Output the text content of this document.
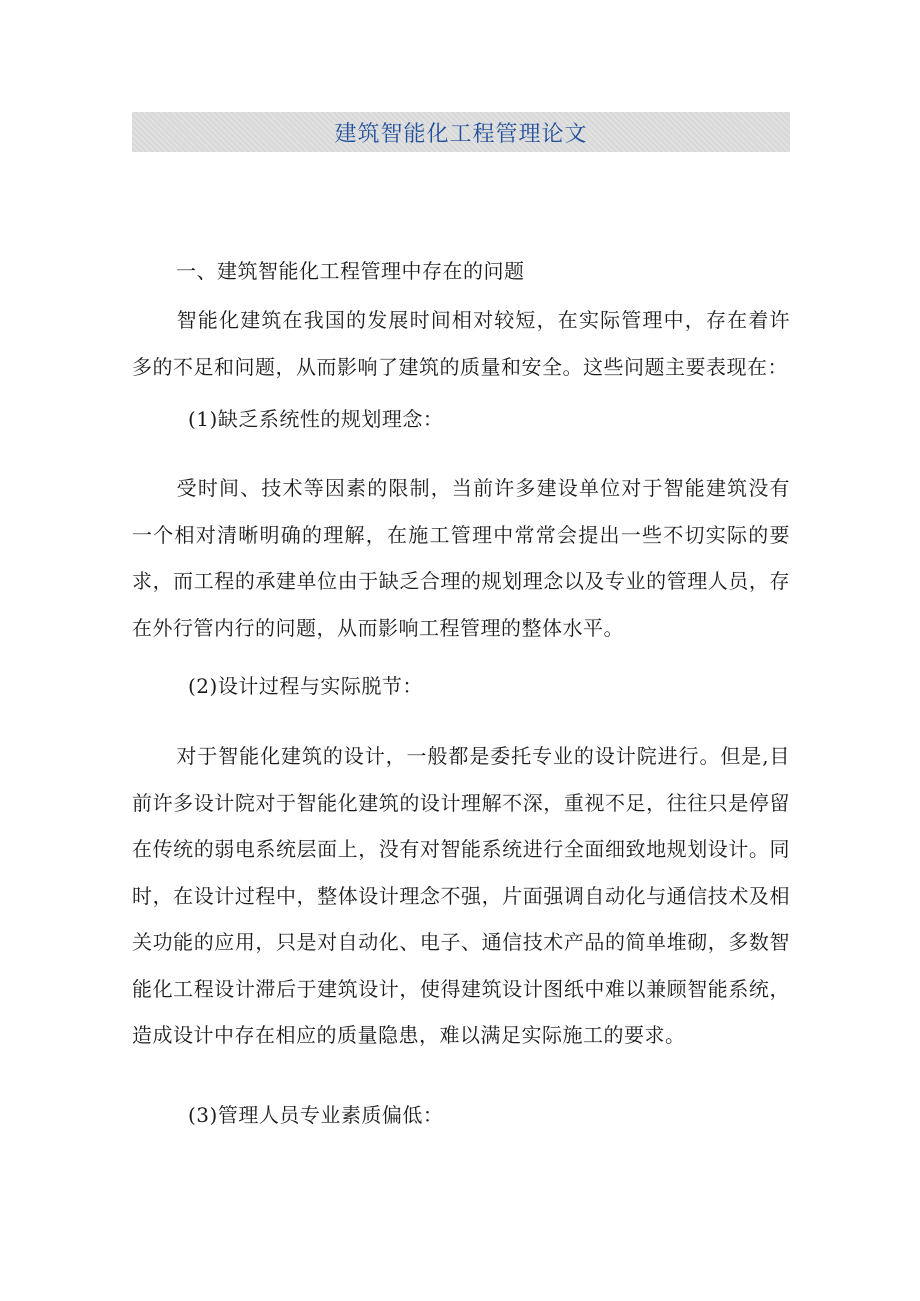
建筑智能化工程管理论文
一、建筑智能化工程管理中存在的问题
智能化建筑在我国的发展时间相对较短，在实际管理中，存在着许多的不足和问题，从而影响了建筑的质量和安全。这些问题主要表现在：
(1)缺乏系统性的规划理念：
受时间、技术等因素的限制，当前许多建设单位对于智能建筑没有一个相对清晰明确的理解，在施工管理中常常会提出一些不切实际的要求，而工程的承建单位由于缺乏合理的规划理念以及专业的管理人员，存在外行管内行的问题，从而影响工程管理的整体水平。
(2)设计过程与实际脱节：
对于智能化建筑的设计，一般都是委托专业的设计院进行。但是,目前许多设计院对于智能化建筑的设计理解不深，重视不足，往往只是停留在传统的弱电系统层面上，没有对智能系统进行全面细致地规划设计。同时，在设计过程中，整体设计理念不强，片面强调自动化与通信技术及相关功能的应用，只是对自动化、电子、通信技术产品的简单堆砌，多数智能化工程设计滞后于建筑设计，使得建筑设计图纸中难以兼顾智能系统，造成设计中存在相应的质量隐患，难以满足实际施工的要求。
(3)管理人员专业素质偏低：
